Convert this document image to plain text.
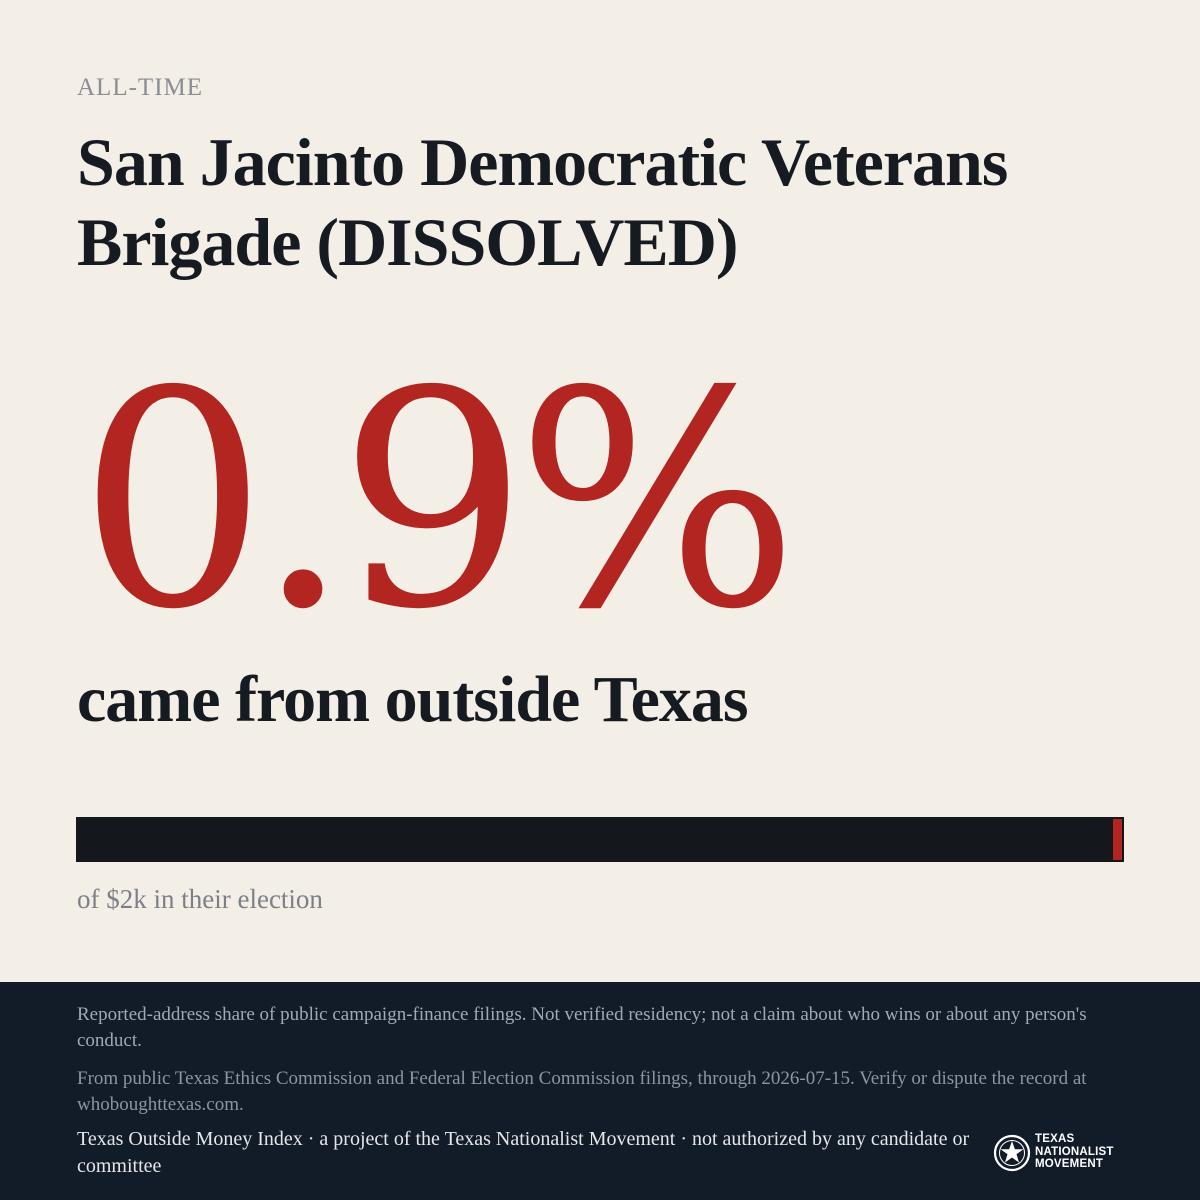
ALL-TIME
San Jacinto Democratic Veterans Brigade (DISSOLVED)
0.9%
came from outside Texas
of $2k in their election
Reported-address share of public campaign-finance filings. Not verified residency; not a claim about who wins or about any person's conduct.
From public Texas Ethics Commission and Federal Election Commission filings, through 2026-07-15. Verify or dispute the record at whoboughttexas.com.
Texas Outside Money Index · a project of the Texas Nationalist Movement · not authorized by any candidate or committee
TEXAS
NATIONALIST
MOVEMENT
